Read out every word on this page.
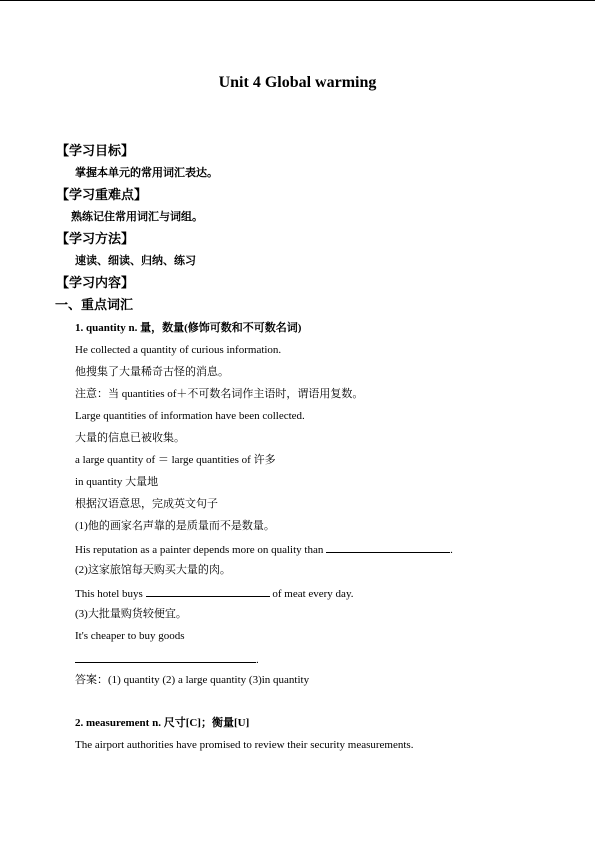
Unit 4 Global warming
【学习目标】
掌握本单元的常用词汇表达。
【学习重难点】
熟练记住常用词汇与词组。
【学习方法】
速读、细读、归纳、练习
【学习内容】
一、重点词汇
1. quantity n. 量，数量(修饰可数和不可数名词)
He collected a quantity of curious information.
他搜集了大量稀奇古怪的消息。
注意：当 quantities of＋不可数名词作主语时，谓语用复数。
Large quantities of information have been collected.
大量的信息已被收集。
a large quantity of ＝ large quantities of 许多
in quantity 大量地
根据汉语意思，完成英文句子
(1)他的画家名声靠的是质量而不是数量。
His reputation as a painter depends more on quality than	.
(2)这家旅馆每天购买大量的肉。
This hotel buys	of meat every day.
(3)大批量购货较便宜。
It's cheaper to buy goods
.
答案：(1) quantity (2) a large quantity (3)in quantity
2. measurement n. 尺寸[C]；衡量[U]
The airport authorities have promised to review their security measurements.
